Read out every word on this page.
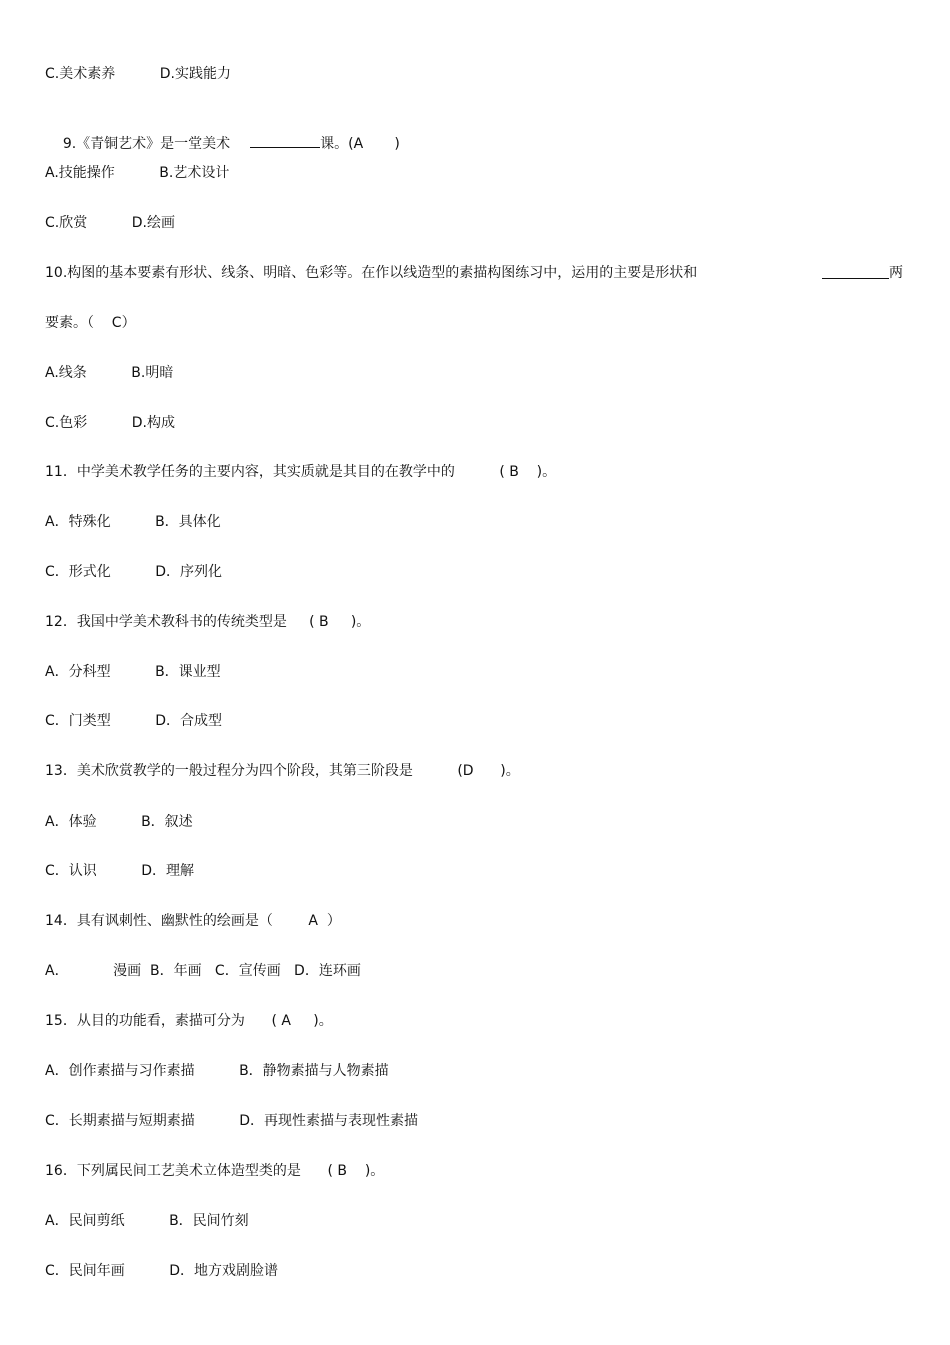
C.美术素养          D.实践能力

9.《青铜艺术》是一堂美术	课。(A       )

A.技能操作          B.艺术设计
C.欣赏          D.绘画
10.构图的基本要素有形状、线条、明暗、色彩等。在作以线造型的素描构图练习中，运用的主要是形状和	两
要素。（    C）
A.线条          B.明暗
C.色彩          D.构成
11．中学美术教学任务的主要内容，其实质就是其目的在教学中的          ( B    )。
A．特殊化          B．具体化
C．形式化          D．序列化
12．我国中学美术教科书的传统类型是     ( B     )。
A．分科型          B．课业型
C．门类型          D．合成型
13．美术欣赏教学的一般过程分为四个阶段，其第三阶段是          (D      )。
A．体验          B．叙述
C．认识          D．理解
14．具有讽刺性、幽默性的绘画是（        A  ）
A．          漫画  B．年画   C．宣传画   D．连环画
15．从目的功能看，素描可分为      ( A     )。
A．创作素描与习作素描          B．静物素描与人物素描
C．长期素描与短期素描          D．再现性素描与表现性素描
16．下列属民间工艺美术立体造型类的是      ( B    )。
A．民间剪纸          B．民间竹刻
C．民间年画          D．地方戏剧脸谱
